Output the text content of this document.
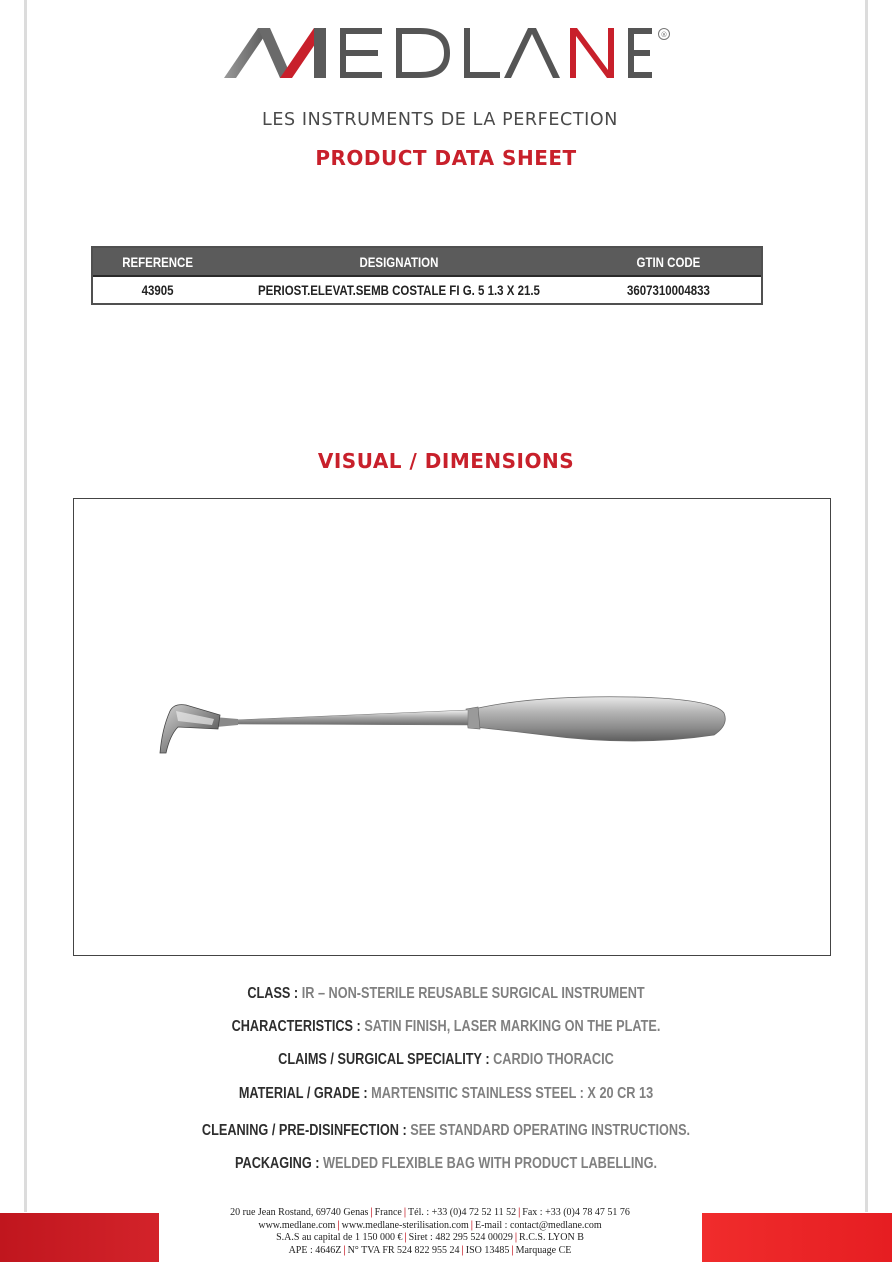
®
LES INSTRUMENTS DE LA PERFECTION
PRODUCT DATA SHEET
REFERENCE	DESIGNATION	GTIN CODE
43905	PERIOST.ELEVAT.SEMB COSTALE FI G. 5 1.3 X 21.5	3607310004833
VISUAL / DIMENSIONS
CLASS : IR – NON-STERILE REUSABLE SURGICAL INSTRUMENT
CHARACTERISTICS : SATIN FINISH, LASER MARKING ON THE PLATE.
CLAIMS / SURGICAL SPECIALITY : CARDIO THORACIC
MATERIAL / GRADE : MARTENSITIC STAINLESS STEEL : X 20 CR 13
CLEANING / PRE-DISINFECTION : SEE STANDARD OPERATING INSTRUCTIONS.
PACKAGING : WELDED FLEXIBLE BAG WITH PRODUCT LABELLING.
20 rue Jean Rostand, 69740 Genas | France | Tél. : +33 (0)4 72 52 11 52 | Fax : +33 (0)4 78 47 51 76
www.medlane.com | www.medlane-sterilisation.com | E-mail : contact@medlane.com
S.A.S au capital de 1 150 000 € | Siret : 482 295 524 00029 | R.C.S. LYON B
APE : 4646Z | N° TVA FR 524 822 955 24 | ISO 13485 | Marquage CE
